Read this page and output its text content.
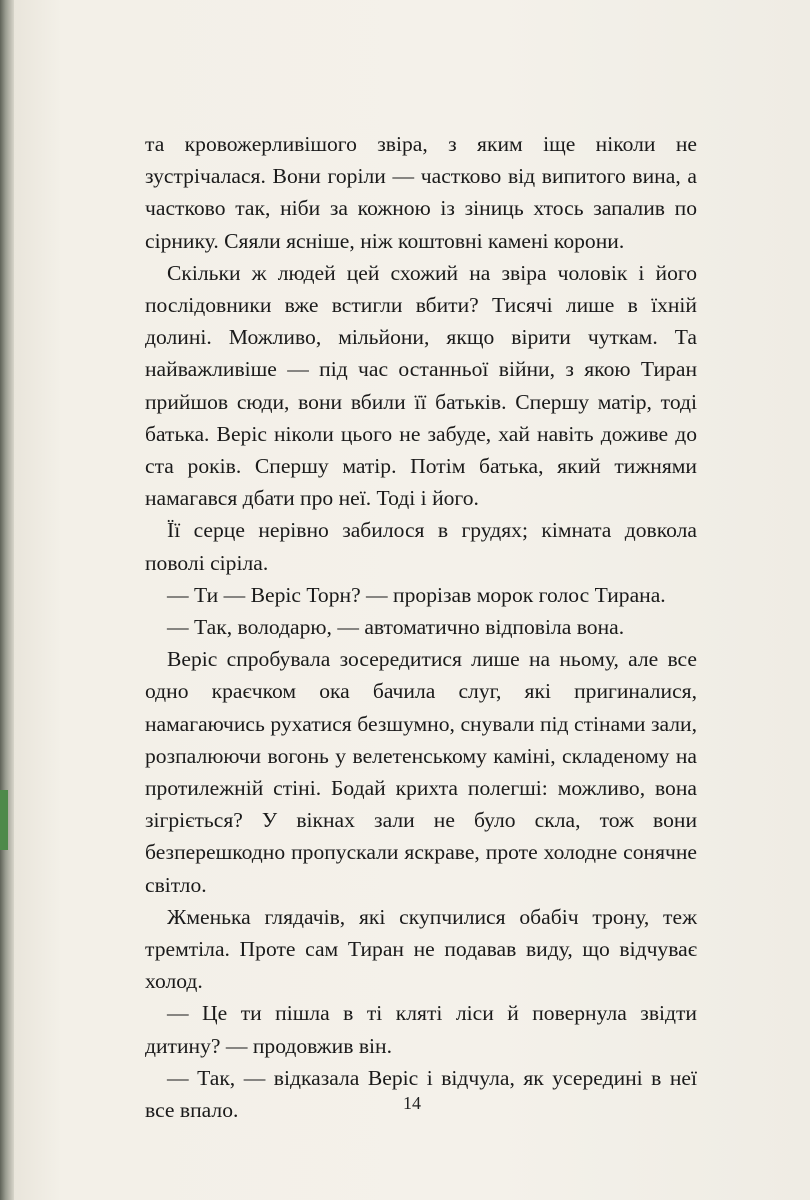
та кровожерливішого звіра, з яким іще ніколи не зустрічалася. Вони горіли — частково від випитого вина, а частково так, ніби за кожною із зіниць хтось запалив по сірнику. Сяяли ясніше, ніж коштовні камені корони.

Скільки ж людей цей схожий на звіра чоловік і його послідовники вже встигли вбити? Тисячі лише в їхній долині. Можливо, мільйони, якщо вірити чуткам. Та найважливіше — під час останньої війни, з якою Тиран прийшов сюди, вони вбили її батьків. Спершу матір, тоді батька. Веріс ніколи цього не забуде, хай навіть доживе до ста років. Спершу матір. Потім батька, який тижнями намагався дбати про неї. Тоді і його.

Її серце нерівно забилося в грудях; кімната довкола поволі сіріла.

— Ти — Веріс Торн? — прорізав морок голос Тирана.

— Так, володарю, — автоматично відповіла вона.

Веріс спробувала зосередитися лише на ньому, але все одно краєчком ока бачила слуг, які пригиналися, намагаючись рухатися безшумно, снували під стінами зали, розпалюючи вогонь у велетенському каміні, складеному на протилежній стіні. Бодай крихта полегші: можливо, вона зігріється? У вікнах зали не було скла, тож вони безперешкодно пропускали яскраве, проте холодне сонячне світло.

Жменька глядачів, які скупчилися обабіч трону, теж тремтіла. Проте сам Тиран не подавав виду, що відчуває холод.

— Це ти пішла в ті кляті ліси й повернула звідти дитину? — продовжив він.

— Так, — відказала Веріс і відчула, як усередині в неї все впало.	14
